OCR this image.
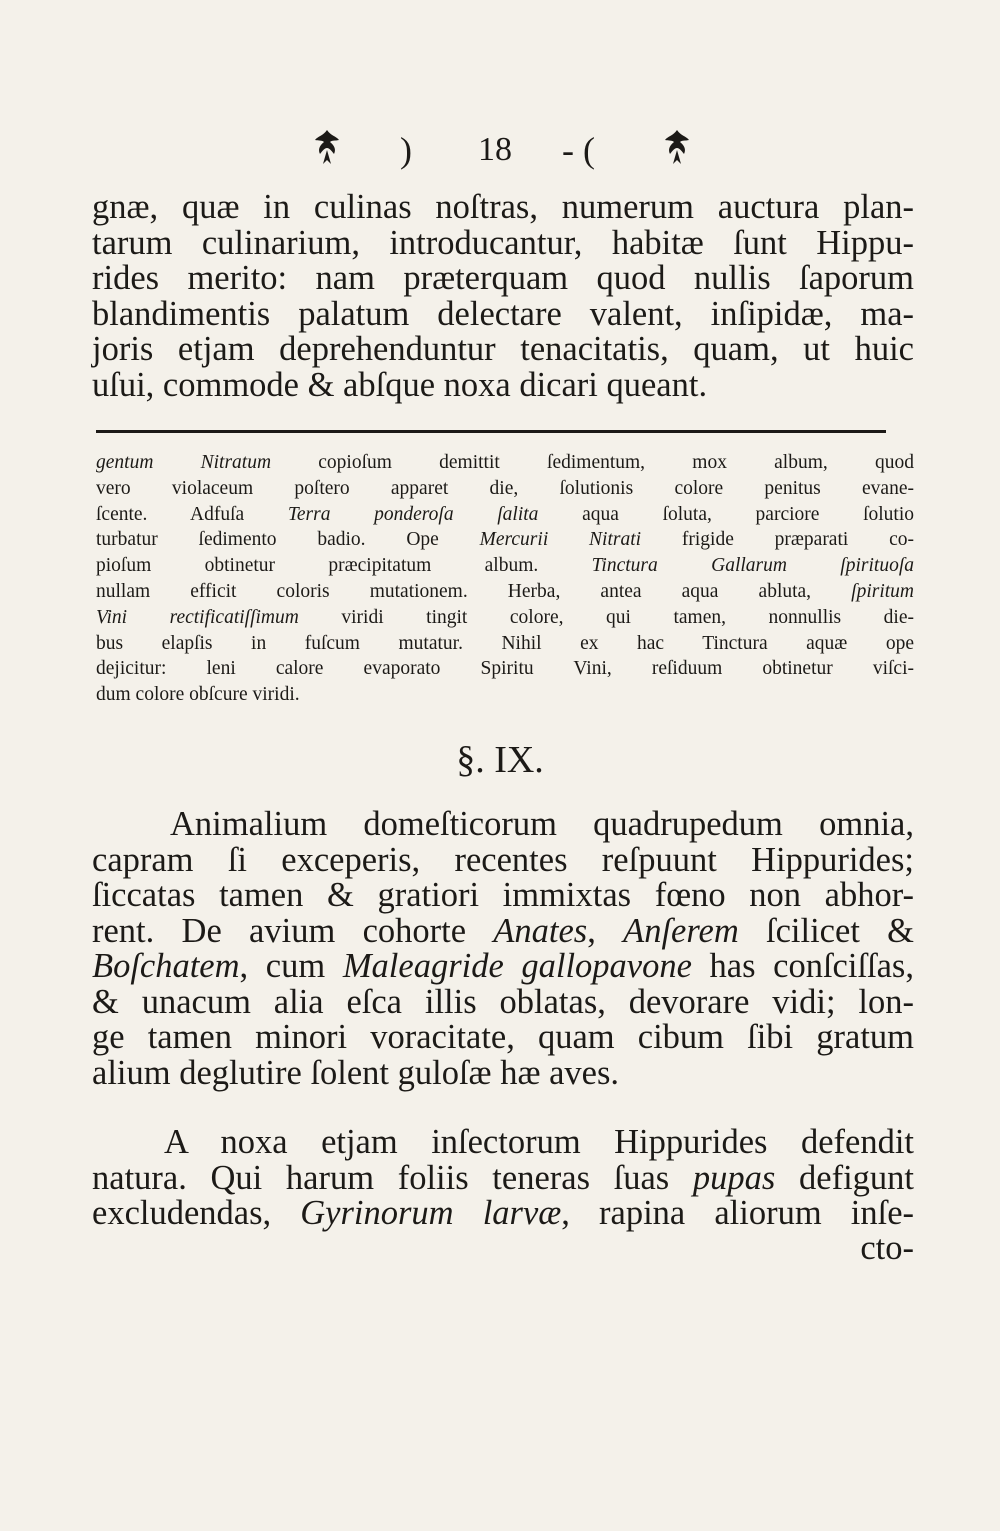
) 18 - (
gnæ, quæ in culinas noſtras, numerum auctura plan-
tarum culinarium, introducantur, habitæ ſunt Hippu-
rides merito: nam præterquam quod nullis ſaporum
blandimentis palatum delectare valent, inſipidæ, ma-
joris etjam deprehenduntur tenacitatis, quam, ut huic
uſui, commode & abſque noxa dicari queant.
gentum Nitratum copioſum demittit ſedimentum, mox album, quod
vero violaceum poſtero apparet die, ſolutionis colore penitus evane-
ſcente. Adfuſa Terra ponderoſa ſalita aqua ſoluta, parciore ſolutio
turbatur ſedimento badio. Ope Mercurii Nitrati frigide præparati co-
pioſum obtinetur præcipitatum album. Tinctura Gallarum ſpirituoſa
nullam efficit coloris mutationem. Herba, antea aqua abluta, ſpiritum
Vini rectificatiſſimum viridi tingit colore, qui tamen, nonnullis die-
bus elapſis in fuſcum mutatur. Nihil ex hac Tinctura aquæ ope
dejicitur: leni calore evaporato Spiritu Vini, reſiduum obtinetur viſci-
dum colore obſcure viridi.
§. IX.
Animalium domeſticorum quadrupedum omnia,
capram ſi exceperis, recentes reſpuunt Hippurides;
ſiccatas tamen & gratiori immixtas fœno non abhor-
rent. De avium cohorte Anates, Anſerem ſcilicet &
Boſchatem, cum Maleagride gallopavone has conſciſſas,
& unacum alia eſca illis oblatas, devorare vidi; lon-
ge tamen minori voracitate, quam cibum ſibi gratum
alium deglutire ſolent guloſæ hæ aves.
A noxa etjam inſectorum Hippurides defendit
natura. Qui harum foliis teneras ſuas pupas defigunt
excludendas, Gyrinorum larvæ, rapina aliorum inſe-
cto-
